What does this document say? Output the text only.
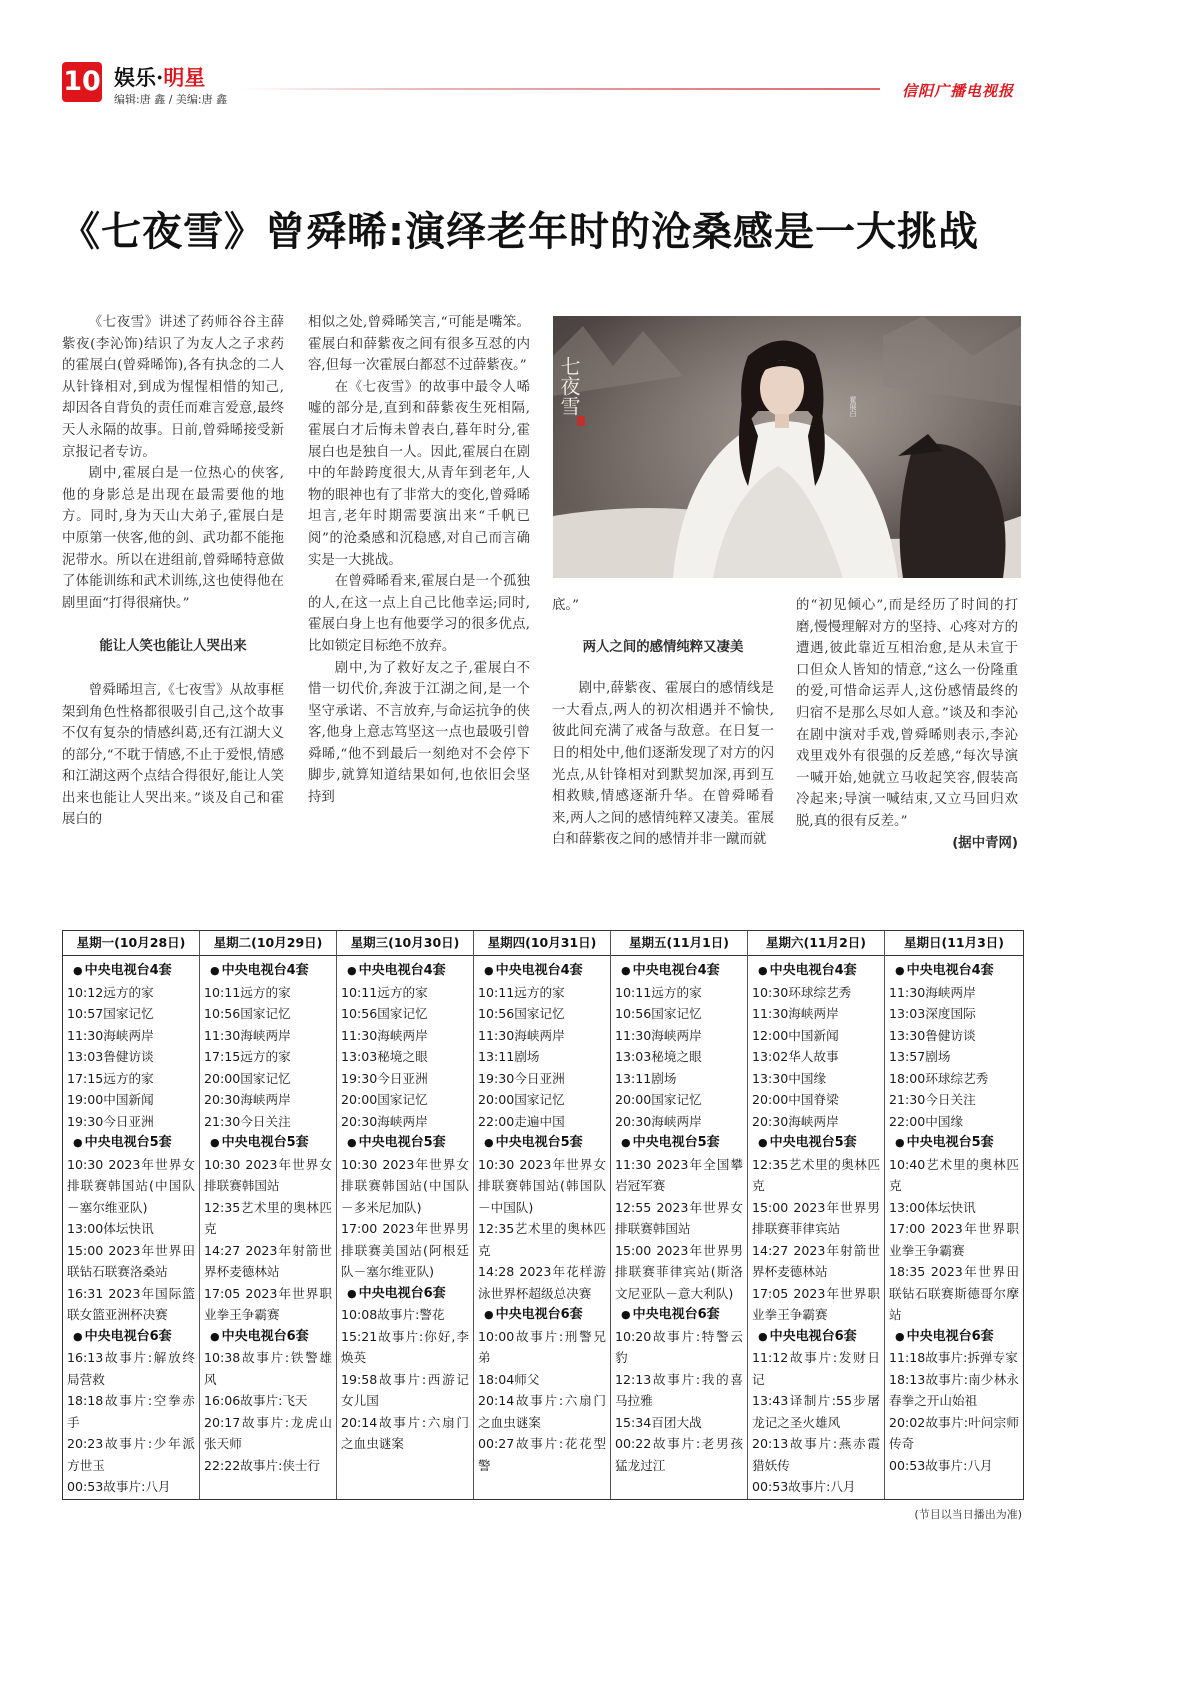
10 娱乐·明星
编辑:唐 鑫 / 美编:唐 鑫	信阳广播电视报
《七夜雪》曾舜晞:演绎老年时的沧桑感是一大挑战

《七夜雪》讲述了药师谷谷主薛紫夜(李沁饰)结识了为友人之子求药的霍展白(曾舜晞饰),各有执念的二人从针锋相对,到成为惺惺相惜的知己,却因各自背负的责任而难言爱意,最终天人永隔的故事。日前,曾舜晞接受新京报记者专访。

剧中,霍展白是一位热心的侠客,他的身影总是出现在最需要他的地方。同时,身为天山大弟子,霍展白是中原第一侠客,他的剑、武功都不能拖泥带水。所以在进组前,曾舜晞特意做了体能训练和武术训练,这也使得他在剧里面“打得很痛快。”

能让人笑也能让人哭出来

曾舜晞坦言,《七夜雪》从故事框架到角色性格都很吸引自己,这个故事不仅有复杂的情感纠葛,还有江湖大义的部分,“不耽于情感,不止于爱恨,情感和江湖这两个点结合得很好,能让人笑出来也能让人哭出来。”谈及自己和霍展白的

相似之处,曾舜晞笑言,“可能是嘴笨。霍展白和薛紫夜之间有很多互怼的内容,但每一次霍展白都怼不过薛紫夜。”

在《七夜雪》的故事中最令人唏嘘的部分是,直到和薛紫夜生死相隔,霍展白才后悔未曾表白,暮年时分,霍展白也是独自一人。因此,霍展白在剧中的年龄跨度很大,从青年到老年,人物的眼神也有了非常大的变化,曾舜晞坦言,老年时期需要演出来“千帆已阅”的沧桑感和沉稳感,对自己而言确实是一大挑战。

在曾舜晞看来,霍展白是一个孤独的人,在这一点上自己比他幸运;同时,霍展白身上也有他要学习的很多优点,比如锁定目标绝不放弃。

剧中,为了救好友之子,霍展白不惜一切代价,奔波于江湖之间,是一个坚守承诺、不言放弃,与命运抗争的侠客,他身上意志笃坚这一点也最吸引曾舜晞,“他不到最后一刻绝对不会停下脚步,就算知道结果如何,也依旧会坚持到

七夜雪	霍展白

底。”

两人之间的感情纯粹又凄美

剧中,薛紫夜、霍展白的感情线是一大看点,两人的初次相遇并不愉快,彼此间充满了戒备与敌意。在日复一日的相处中,他们逐渐发现了对方的闪光点,从针锋相对到默契加深,再到互相救赎,情感逐渐升华。在曾舜晞看来,两人之间的感情纯粹又凄美。霍展白和薛紫夜之间的感情并非一蹴而就

的“初见倾心”,而是经历了时间的打磨,慢慢理解对方的坚持、心疼对方的遭遇,彼此靠近互相治愈,是从未宣于口但众人皆知的情意,“这么一份隆重的爱,可惜命运弄人,这份感情最终的归宿不是那么尽如人意。”谈及和李沁在剧中演对手戏,曾舜晞则表示,李沁戏里戏外有很强的反差感,“每次导演一喊开始,她就立马收起笑容,假装高冷起来;导演一喊结束,又立马回归欢脱,真的很有反差。”

(据中青网)

星期一(10月28日)
● 中央电视台4套
10:12远方的家
10:57国家记忆
11:30海峡两岸
13:03鲁健访谈
17:15远方的家
19:00中国新闻
19:30今日亚洲
● 中央电视台5套
10:30 2023年世界女排联赛韩国站(中国队－塞尔维亚队)
13:00体坛快讯
15:00 2023年世界田联钻石联赛洛桑站
16:31 2023年国际篮联女篮亚洲杯决赛
● 中央电视台6套
16:13故事片:解放终局营救
18:18故事片:空拳赤手
20:23故事片:少年派方世玉
00:53故事片:八月
星期二(10月29日)
● 中央电视台4套
10:11远方的家
10:56国家记忆
11:30海峡两岸
17:15远方的家
20:00国家记忆
20:30海峡两岸
21:30今日关注
● 中央电视台5套
10:30 2023年世界女排联赛韩国站
12:35艺术里的奥林匹克
14:27 2023年射箭世界杯麦德林站
17:05 2023年世界职业拳王争霸赛
● 中央电视台6套
10:38故事片:铁警雄风
16:06故事片:飞天
20:17故事片:龙虎山张天师
22:22故事片:侠士行
星期三(10月30日)
● 中央电视台4套
10:11远方的家
10:56国家记忆
11:30海峡两岸
13:03秘境之眼
19:30今日亚洲
20:00国家记忆
20:30海峡两岸
● 中央电视台5套
10:30 2023年世界女排联赛韩国站(中国队－多米尼加队)
17:00 2023年世界男排联赛美国站(阿根廷队－塞尔维亚队)
● 中央电视台6套
10:08故事片:警花
15:21故事片:你好,李焕英
19:58故事片:西游记女儿国
20:14故事片:六扇门之血虫谜案
星期四(10月31日)
● 中央电视台4套
10:11远方的家
10:56国家记忆
11:30海峡两岸
13:11剧场
19:30今日亚洲
20:00国家记忆
22:00走遍中国
● 中央电视台5套
10:30 2023年世界女排联赛韩国站(韩国队－中国队)
12:35艺术里的奥林匹克
14:28 2023年花样游泳世界杯超级总决赛
● 中央电视台6套
10:00故事片:刑警兄弟
18:04师父
20:14故事片:六扇门之血虫谜案
00:27故事片:花花型警
星期五(11月1日)
● 中央电视台4套
10:11远方的家
10:56国家记忆
11:30海峡两岸
13:03秘境之眼
13:11剧场
20:00国家记忆
20:30海峡两岸
● 中央电视台5套
11:30 2023年全国攀岩冠军赛
12:55 2023年世界女排联赛韩国站
15:00 2023年世界男排联赛菲律宾站(斯洛文尼亚队－意大利队)
● 中央电视台6套
10:20故事片:特警云豹
12:13故事片:我的喜马拉雅
15:34百团大战
00:22故事片:老男孩猛龙过江
星期六(11月2日)
● 中央电视台4套
10:30环球综艺秀
11:30海峡两岸
12:00中国新闻
13:02华人故事
13:30中国缘
20:00中国脊梁
20:30海峡两岸
● 中央电视台5套
12:35艺术里的奥林匹克
15:00 2023年世界男排联赛菲律宾站
14:27 2023年射箭世界杯麦德林站
17:05 2023年世界职业拳王争霸赛
● 中央电视台6套
11:12故事片:发财日记
13:43译制片:55步屠龙记之圣火雄风
20:13故事片:燕赤霞猎妖传
00:53故事片:八月
星期日(11月3日)
● 中央电视台4套
11:30海峡两岸
13:03深度国际
13:30鲁健访谈
13:57剧场
18:00环球综艺秀
21:30今日关注
22:00中国缘
● 中央电视台5套
10:40艺术里的奥林匹克
13:00体坛快讯
17:00 2023年世界职业拳王争霸赛
18:35 2023年世界田联钻石联赛斯德哥尔摩站
● 中央电视台6套
11:18故事片:拆弹专家
18:13故事片:南少林永春拳之开山始祖
20:02故事片:叶问宗师传奇
00:53故事片:八月
(节目以当日播出为准)
